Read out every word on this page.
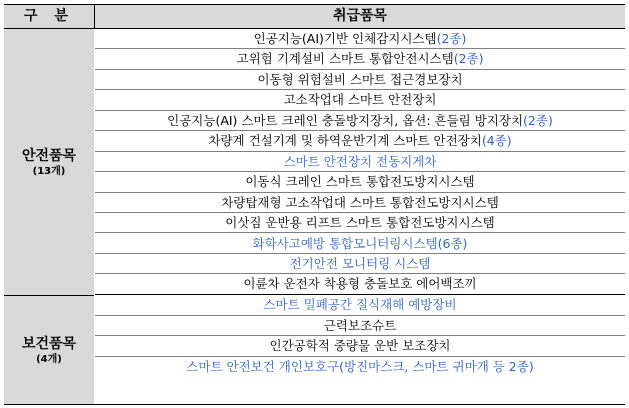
구 분	취급품목
안전품목
(13개)
보건품목
(4개)
인공지능(AI)기반 인체감지시스템(2종)
고위험 기계설비 스마트 통합안전시스템(2종)
이동형 위험설비 스마트 접근경보장치
고소작업대 스마트 안전장치
인공지능(AI) 스마트 크레인 충돌방지장치, 옵션: 흔들림 방지장치(2종)
차량계 건설기계 및 하역운반기계 스마트 안전장치(4종)
스마트 안전장치 전동지게차
이동식 크레인 스마트 통합전도방지시스템
차량탑재형 고소작업대 스마트 통합전도방지시스템
이삿짐 운반용 리프트 스마트 통합전도방지시스템
화학사고예방 통합모니터링시스템(6종)
전기안전 모니터링 시스템
이륜차 운전자 착용형 충돌보호 에어백조끼
스마트 밀폐공간 질식재해 예방장비
근력보조슈트
인간공학적 중량물 운반 보조장치
스마트 안전보건 개인보호구(방진마스크, 스마트 귀마개 등 2종)
